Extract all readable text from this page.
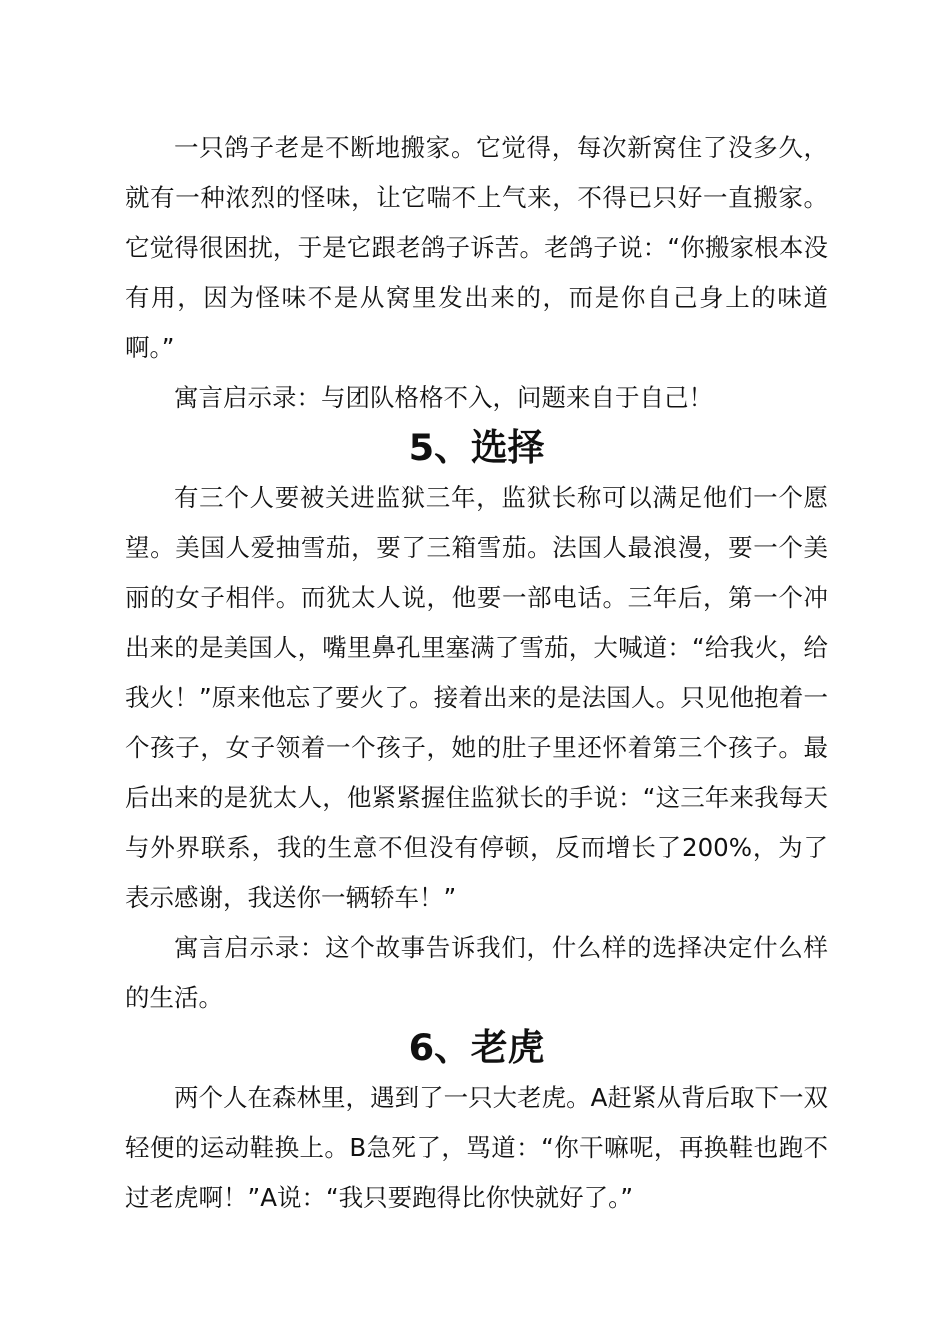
一只鸽子老是不断地搬家。它觉得，每次新窝住了没多久，就有一种浓烈的怪味，让它喘不上气来，不得已只好一直搬家。它觉得很困扰，于是它跟老鸽子诉苦。老鸽子说：“你搬家根本没有用，因为怪味不是从窝里发出来的，而是你自己身上的味道啊。”

寓言启示录：与团队格格不入，问题来自于自己！

5、选择

有三个人要被关进监狱三年，监狱长称可以满足他们一个愿望。美国人爱抽雪茄，要了三箱雪茄。法国人最浪漫，要一个美丽的女子相伴。而犹太人说，他要一部电话。三年后，第一个冲出来的是美国人，嘴里鼻孔里塞满了雪茄，大喊道：“给我火，给我火！”原来他忘了要火了。接着出来的是法国人。只见他抱着一个孩子，女子领着一个孩子，她的肚子里还怀着第三个孩子。最后出来的是犹太人，他紧紧握住监狱长的手说：“这三年来我每天与外界联系，我的生意不但没有停顿，反而增长了200%，为了表示感谢，我送你一辆轿车！”

寓言启示录：这个故事告诉我们，什么样的选择决定什么样的生活。

6、老虎

两个人在森林里，遇到了一只大老虎。A赶紧从背后取下一双轻便的运动鞋换上。B急死了，骂道：“你干嘛呢，再换鞋也跑不过老虎啊！”A说：“我只要跑得比你快就好了。”
